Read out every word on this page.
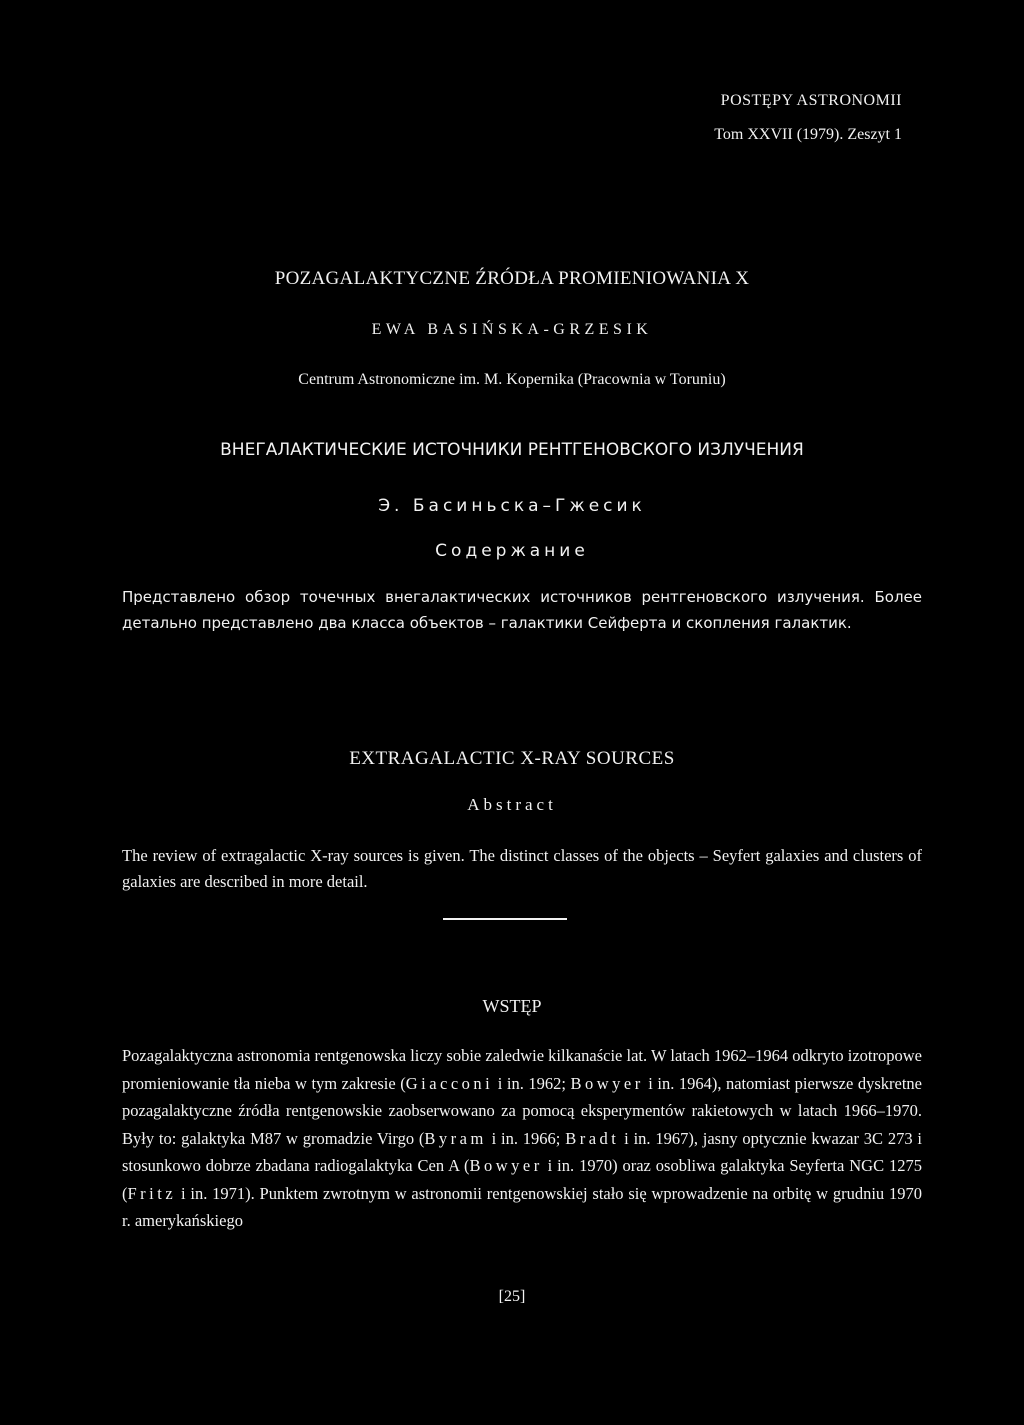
POSTĘPY ASTRONOMII
Tom XXVII (1979). Zeszyt 1
POZAGALAKTYCZNE ŹRÓDŁA PROMIENIOWANIA X
EWA BASIŃSKA-GRZESIK
Centrum Astronomiczne im. M. Kopernika (Pracownia w Toruniu)
ВНЕГАЛАКТИЧЕСКИЕ ИСТОЧНИКИ РЕНТГЕНОВСКОГО ИЗЛУЧЕНИЯ
Э. Басиньска–Гжесик
Содержание
Представлено обзор точечных внегалактических источников рентгеновского излучения. Более детально представлено два класса объектов – галактики Сейферта и скопления галактик.
EXTRAGALACTIC X-RAY SOURCES
Abstract
The review of extragalactic X-ray sources is given. The distinct classes of the objects – Seyfert galaxies and clusters of galaxies are described in more detail.
WSTĘP
Pozagalaktyczna astronomia rentgenowska liczy sobie zaledwie kilkanaście lat. W latach 1962–1964 odkryto izotropowe promieniowanie tła nieba w tym zakresie (Giacconi i in. 1962; Bowyer i in. 1964), natomiast pierwsze dyskretne pozagalaktyczne źródła rentgenowskie zaobserwowano za pomocą eksperymentów rakietowych w latach 1966–1970. Były to: galaktyka M87 w gromadzie Virgo (Byram i in. 1966; Bradt i in. 1967), jasny optycznie kwazar 3C 273 i stosunkowo dobrze zbadana radiogalaktyka Cen A (Bowyer i in. 1970) oraz osobliwa galaktyka Seyferta NGC 1275 (Fritz i in. 1971). Punktem zwrotnym w astronomii rentgenowskiej stało się wprowadzenie na orbitę w grudniu 1970 r. amerykańskiego
[25]
